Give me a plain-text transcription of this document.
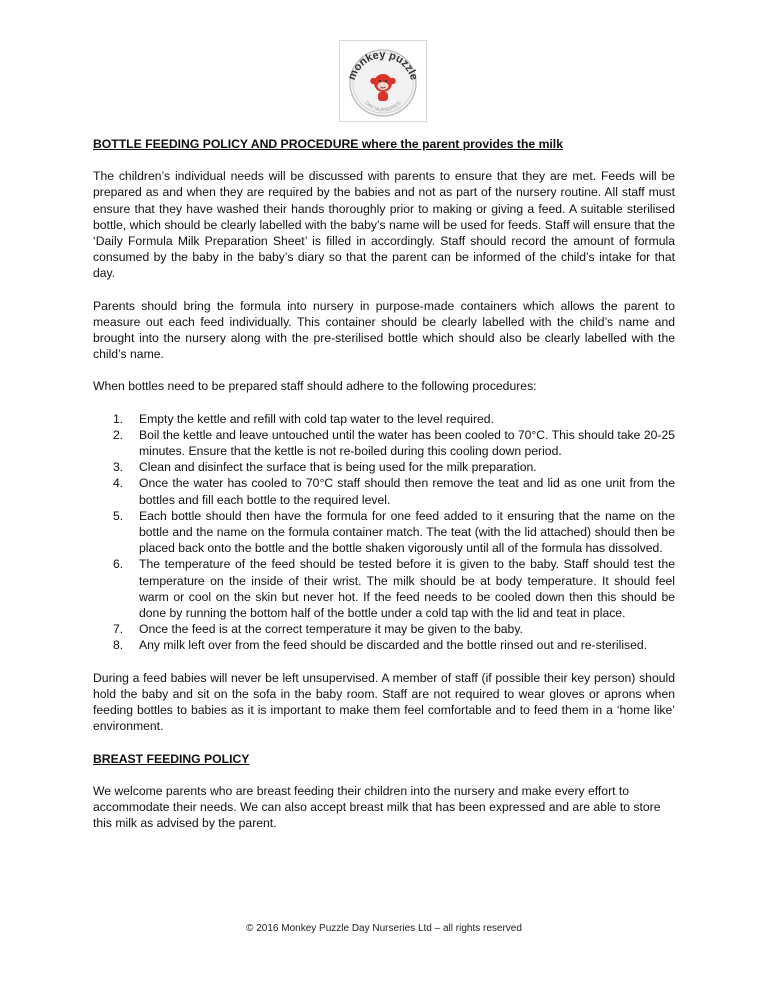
monkey puzzle
DAY NURSERIES

BOTTLE FEEDING POLICY AND PROCEDURE where the parent provides the milk

The children’s individual needs will be discussed with parents to ensure that they are met. Feeds will be prepared as and when they are required by the babies and not as part of the nursery routine. All staff must ensure that they have washed their hands thoroughly prior to making or giving a feed. A suitable sterilised bottle, which should be clearly labelled with the baby’s name will be used for feeds. Staff will ensure that the ‘Daily Formula Milk Preparation Sheet’ is filled in accordingly. Staff should record the amount of formula consumed by the baby in the baby’s diary so that the parent can be informed of the child’s intake for that day.

Parents should bring the formula into nursery in purpose-made containers which allows the parent to measure out each feed individually. This container should be clearly labelled with the child’s name and brought into the nursery along with the pre-sterilised bottle which should also be clearly labelled with the child’s name.

When bottles need to be prepared staff should adhere to the following procedures:

1. Empty the kettle and refill with cold tap water to the level required.
2. Boil the kettle and leave untouched until the water has been cooled to 70°C. This should take 20-25 minutes. Ensure that the kettle is not re-boiled during this cooling down period.
3. Clean and disinfect the surface that is being used for the milk preparation.
4. Once the water has cooled to 70°C staff should then remove the teat and lid as one unit from the bottles and fill each bottle to the required level.
5. Each bottle should then have the formula for one feed added to it ensuring that the name on the bottle and the name on the formula container match. The teat (with the lid attached) should then be placed back onto the bottle and the bottle shaken vigorously until all of the formula has dissolved.
6. The temperature of the feed should be tested before it is given to the baby. Staff should test the temperature on the inside of their wrist. The milk should be at body temperature. It should feel warm or cool on the skin but never hot. If the feed needs to be cooled down then this should be done by running the bottom half of the bottle under a cold tap with the lid and teat in place.
7. Once the feed is at the correct temperature it may be given to the baby.
8. Any milk left over from the feed should be discarded and the bottle rinsed out and re-sterilised.

During a feed babies will never be left unsupervised. A member of staff (if possible their key person) should hold the baby and sit on the sofa in the baby room. Staff are not required to wear gloves or aprons when feeding bottles to babies as it is important to make them feel comfortable and to feed them in a ‘home like’ environment.

BREAST FEEDING POLICY

We welcome parents who are breast feeding their children into the nursery and make every effort to accommodate their needs. We can also accept breast milk that has been expressed and are able to store this milk as advised by the parent.

© 2016 Monkey Puzzle Day Nurseries Ltd – all rights reserved
